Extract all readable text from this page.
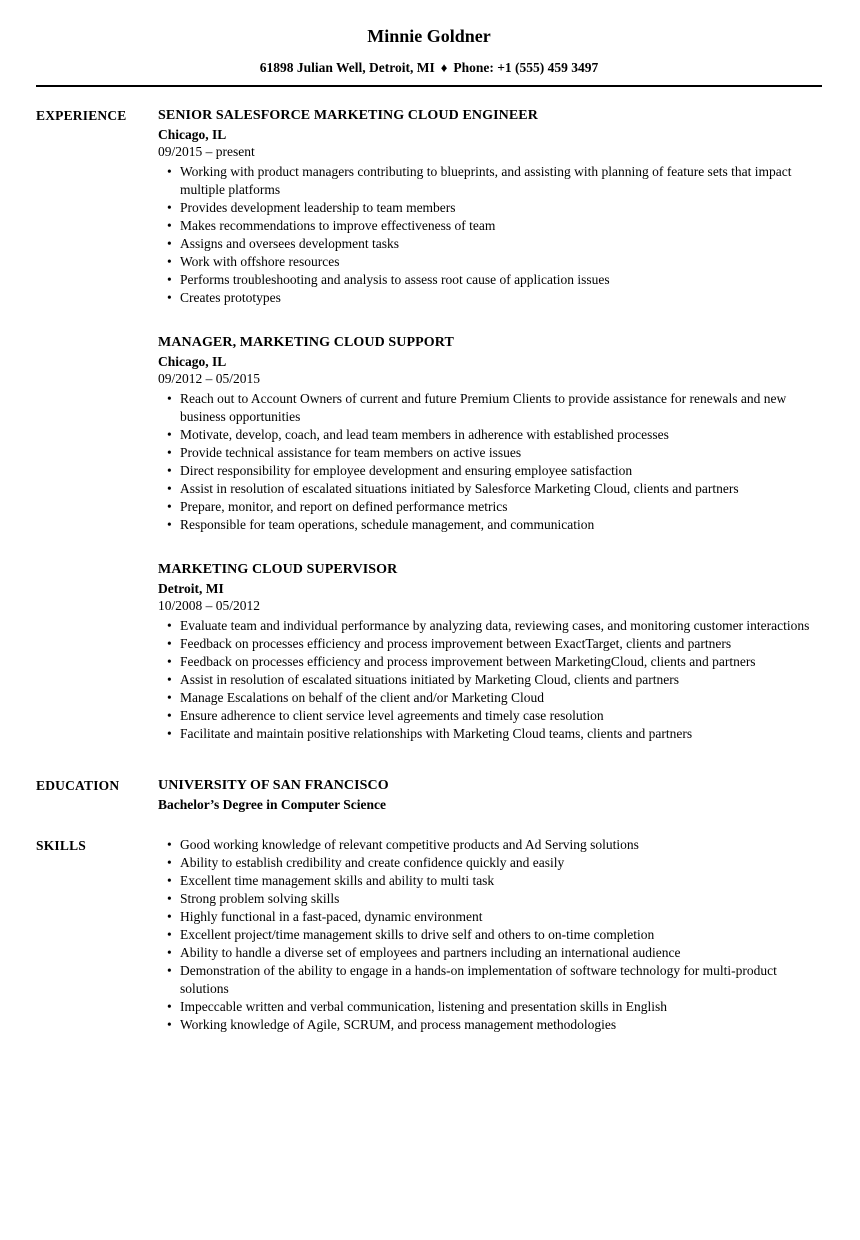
Minnie Goldner
61898 Julian Well, Detroit, MI ♦ Phone: +1 (555) 459 3497
EXPERIENCE	SENIOR SALESFORCE MARKETING CLOUD ENGINEER
Chicago, IL
09/2015 – present
• Working with product managers contributing to blueprints, and assisting with planning of feature sets that impact multiple platforms
• Provides development leadership to team members
• Makes recommendations to improve effectiveness of team
• Assigns and oversees development tasks
• Work with offshore resources
• Performs troubleshooting and analysis to assess root cause of application issues
• Creates prototypes
MANAGER, MARKETING CLOUD SUPPORT
Chicago, IL
09/2012 – 05/2015
• Reach out to Account Owners of current and future Premium Clients to provide assistance for renewals and new business opportunities
• Motivate, develop, coach, and lead team members in adherence with established processes
• Provide technical assistance for team members on active issues
• Direct responsibility for employee development and ensuring employee satisfaction
• Assist in resolution of escalated situations initiated by Salesforce Marketing Cloud, clients and partners
• Prepare, monitor, and report on defined performance metrics
• Responsible for team operations, schedule management, and communication
MARKETING CLOUD SUPERVISOR
Detroit, MI
10/2008 – 05/2012
• Evaluate team and individual performance by analyzing data, reviewing cases, and monitoring customer interactions
• Feedback on processes efficiency and process improvement between ExactTarget, clients and partners
• Feedback on processes efficiency and process improvement between MarketingCloud, clients and partners
• Assist in resolution of escalated situations initiated by Marketing Cloud, clients and partners
• Manage Escalations on behalf of the client and/or Marketing Cloud
• Ensure adherence to client service level agreements and timely case resolution
• Facilitate and maintain positive relationships with Marketing Cloud teams, clients and partners
EDUCATION	UNIVERSITY OF SAN FRANCISCO
Bachelor’s Degree in Computer Science
SKILLS	• Good working knowledge of relevant competitive products and Ad Serving solutions
• Ability to establish credibility and create confidence quickly and easily
• Excellent time management skills and ability to multi task
• Strong problem solving skills
• Highly functional in a fast-paced, dynamic environment
• Excellent project/time management skills to drive self and others to on-time completion
• Ability to handle a diverse set of employees and partners including an international audience
• Demonstration of the ability to engage in a hands-on implementation of software technology for multi-product solutions
• Impeccable written and verbal communication, listening and presentation skills in English
• Working knowledge of Agile, SCRUM, and process management methodologies
